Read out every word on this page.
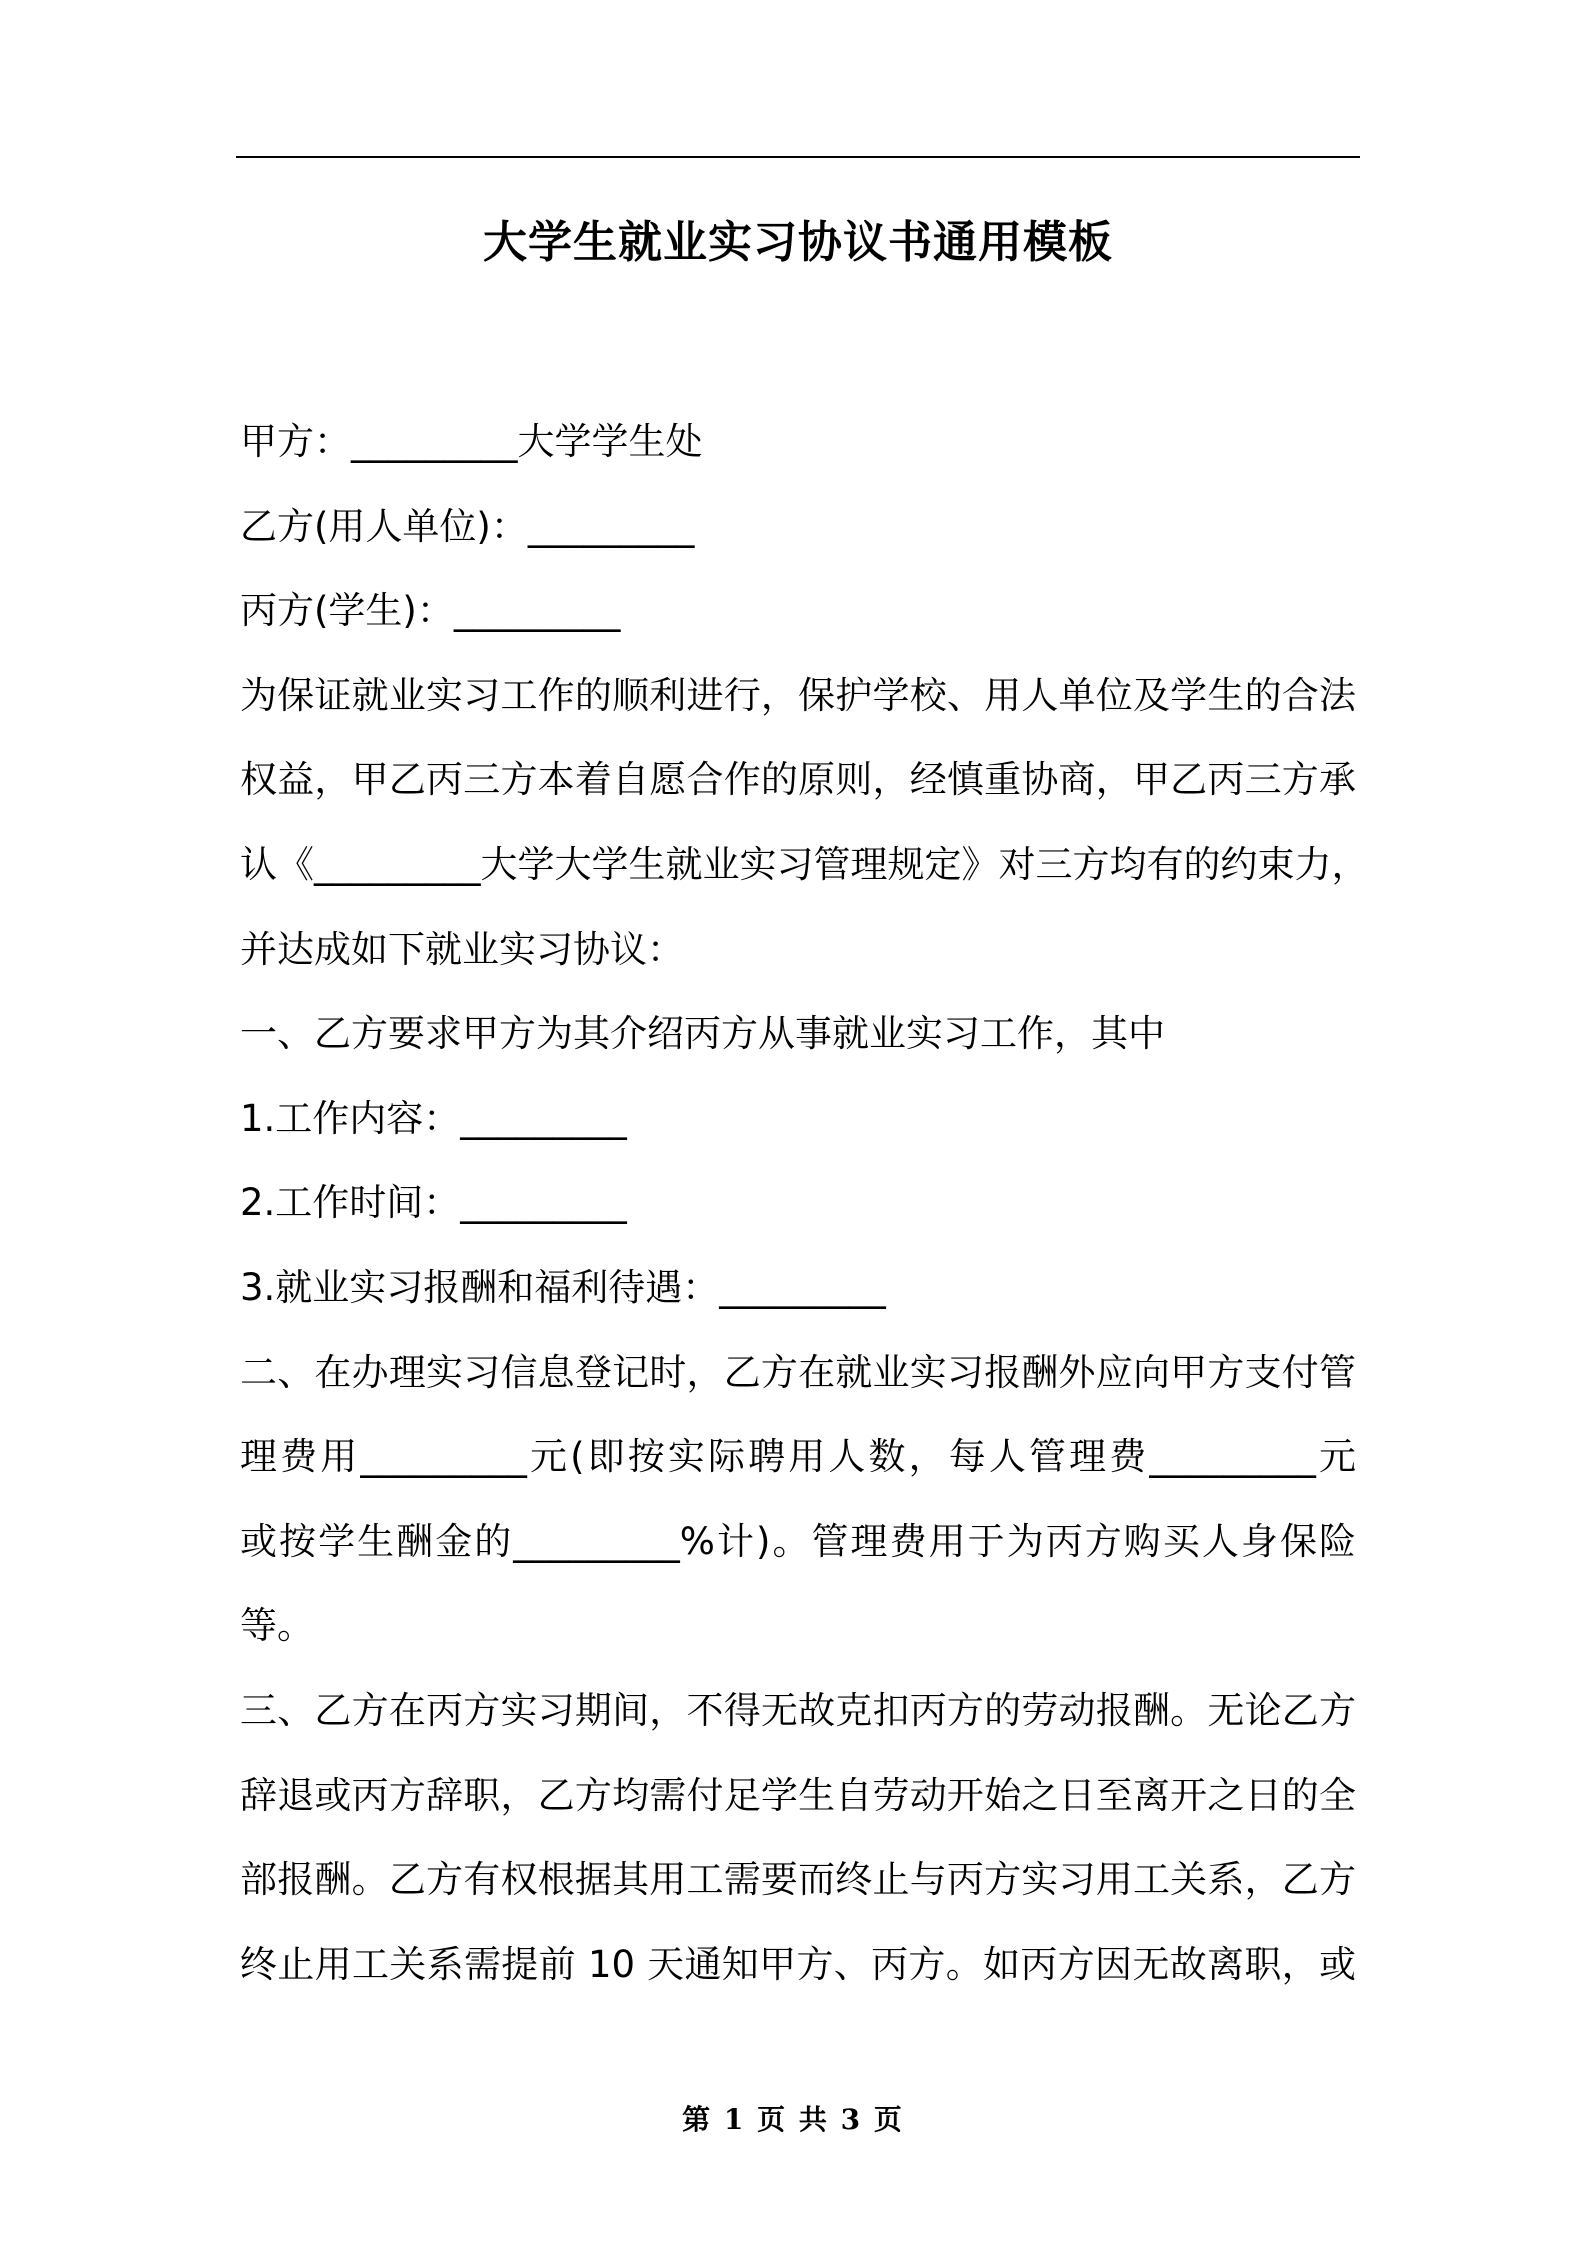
大学生就业实习协议书通用模板
甲方：_________大学学生处
乙方(用人单位)：_________
丙方(学生)：_________
为保证就业实习工作的顺利进行，保护学校、用人单位及学生的合法
权益，甲乙丙三方本着自愿合作的原则，经慎重协商，甲乙丙三方承
认《_________大学大学生就业实习管理规定》对三方均有的约束力，
并达成如下就业实习协议：
一、乙方要求甲方为其介绍丙方从事就业实习工作，其中
1.工作内容：_________
2.工作时间：_________
3.就业实习报酬和福利待遇：_________
二、在办理实习信息登记时，乙方在就业实习报酬外应向甲方支付管
理费用_________元(即按实际聘用人数，每人管理费_________元
或按学生酬金的_________%计)。管理费用于为丙方购买人身保险
等。
三、乙方在丙方实习期间，不得无故克扣丙方的劳动报酬。无论乙方
辞退或丙方辞职，乙方均需付足学生自劳动开始之日至离开之日的全
部报酬。乙方有权根据其用工需要而终止与丙方实习用工关系，乙方
终止用工关系需提前 10 天通知甲方、丙方。如丙方因无故离职，或
第 1 页 共 3 页
